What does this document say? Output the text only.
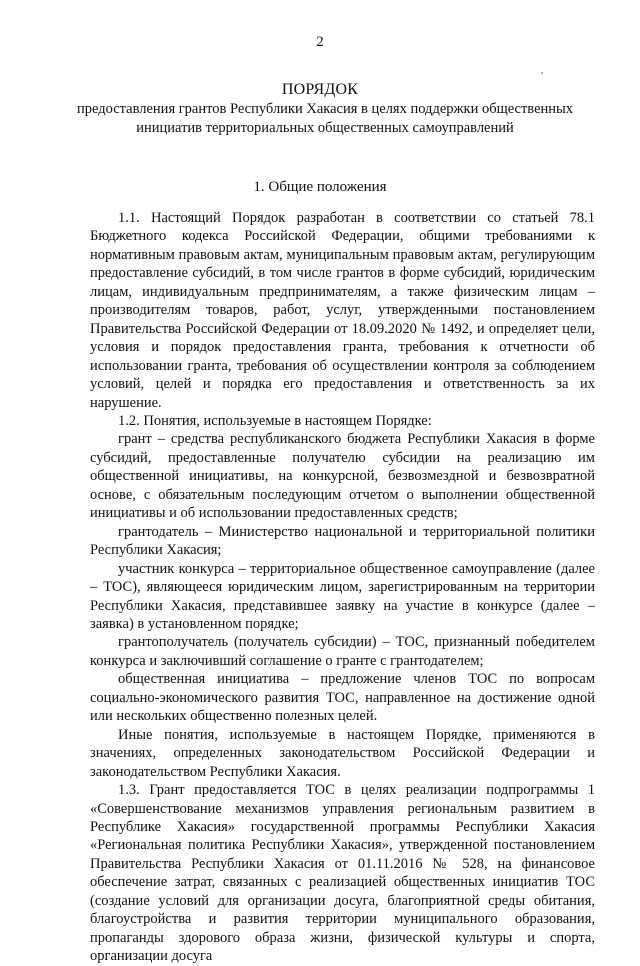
2
ПОРЯДОК
предоставления грантов Республики Хакасия в целях поддержки общественных инициатив территориальных общественных самоуправлений
1. Общие положения

1.1. Настоящий Порядок разработан в соответствии со статьей 78.1 Бюджетного кодекса Российской Федерации, общими требованиями к нормативным правовым актам, муниципальным правовым актам, регулирующим предоставление субсидий, в том числе грантов в форме субсидий, юридическим лицам, индивидуальным предпринимателям, а также физическим лицам – производителям товаров, работ, услуг, утвержденными постановлением Правительства Российской Федерации от 18.09.2020 № 1492, и определяет цели, условия и порядок предоставления гранта, требования к отчетности об использовании гранта, требования об осуществлении контроля за соблюдением условий, целей и порядка его предоставления и ответственность за их нарушение.

1.2. Понятия, используемые в настоящем Порядке:

грант – средства республиканского бюджета Республики Хакасия в форме субсидий, предоставленные получателю субсидии на реализацию им общественной инициативы, на конкурсной, безвозмездной и безвозвратной основе, с обязательным последующим отчетом о выполнении общественной инициативы и об использовании предоставленных средств;

грантодатель – Министерство национальной и территориальной политики Республики Хакасия;

участник конкурса – территориальное общественное самоуправление (далее – ТОС), являющееся юридическим лицом, зарегистрированным на территории Республики Хакасия, представившее заявку на участие в конкурсе (далее – заявка) в установленном порядке;

грантополучатель (получатель субсидии) – ТОС, признанный победителем конкурса и заключивший соглашение о гранте с грантодателем;

общественная инициатива – предложение членов ТОС по вопросам социально-экономического развития ТОС, направленное на достижение одной или нескольких общественно полезных целей.

Иные понятия, используемые в настоящем Порядке, применяются в значениях, определенных законодательством Российской Федерации и законодательством Республики Хакасия.

1.3. Грант предоставляется ТОС в целях реализации подпрограммы 1 «Совершенствование механизмов управления региональным развитием в Республике Хакасия» государственной программы Республики Хакасия «Региональная политика Республики Хакасия», утвержденной постановлением Правительства Республики Хакасия от 01.11.2016 № 528, на финансовое обеспечение затрат, связанных с реализацией общественных инициатив ТОС (создание условий для организации досуга, благоприятной среды обитания, благоустройства и развития территории муниципального образования, пропаганды здорового образа жизни, физической культуры и спорта, организации досуга
